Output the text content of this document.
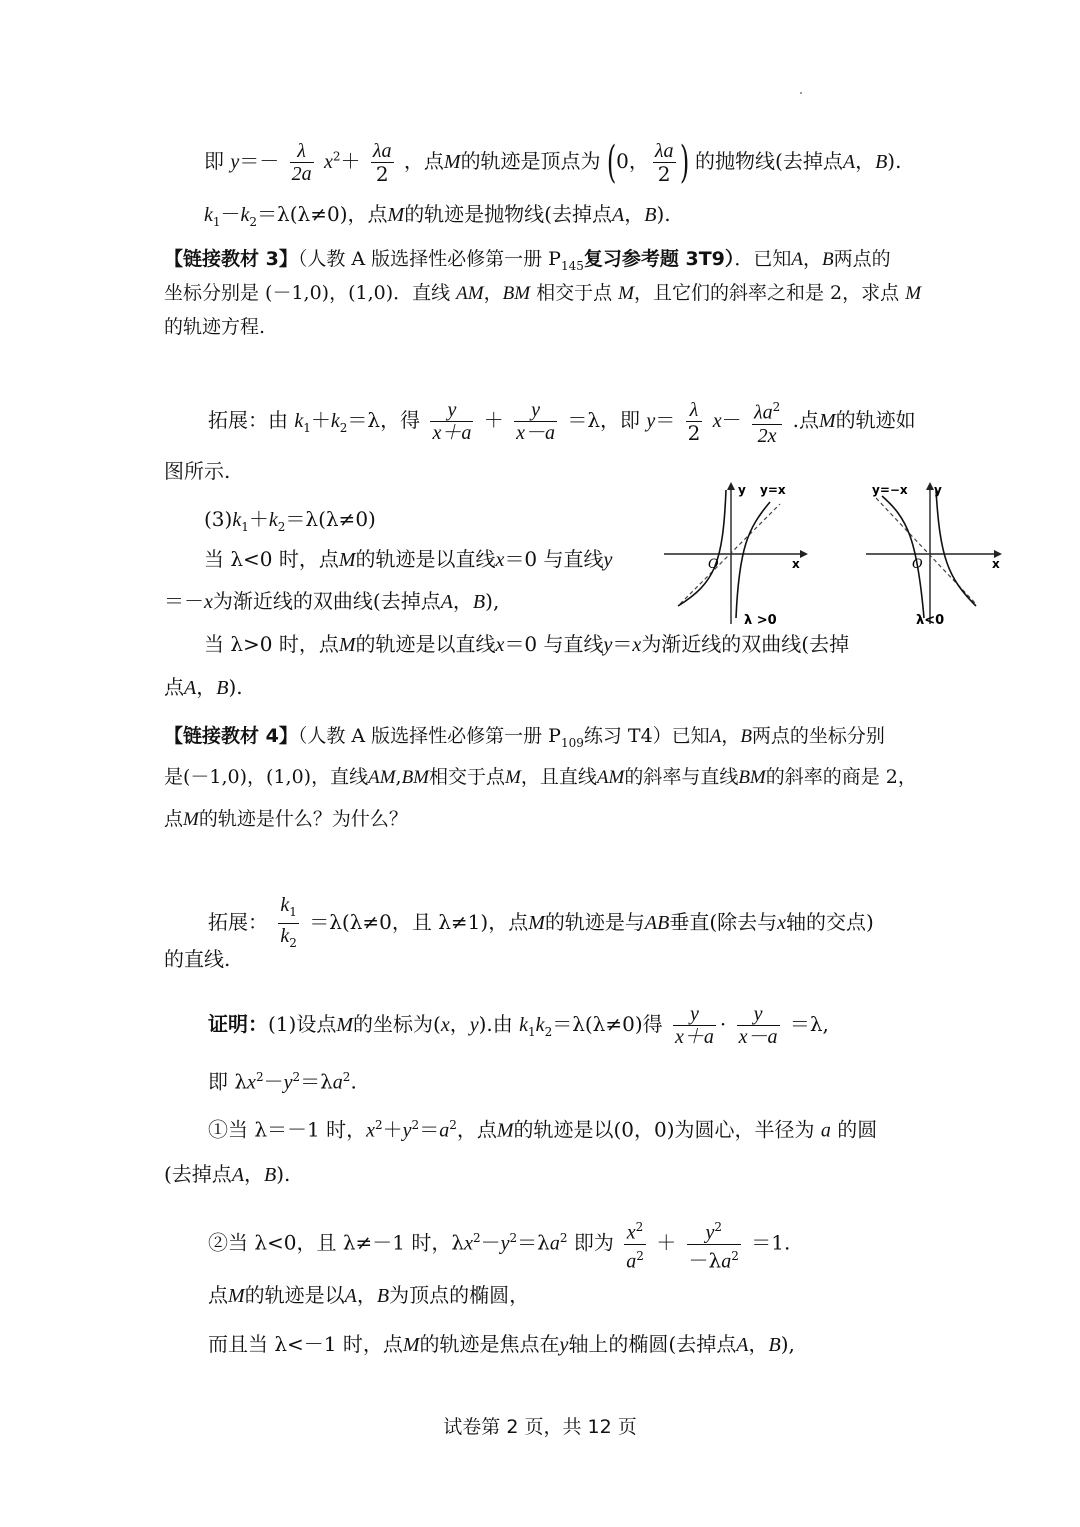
即 $y=- \frac{\lambda}{2a} x^2+ \frac{\lambda a}{2}$ ，点M的轨迹是顶点为 (0， $\frac{\lambda a}{2}$ ) 的抛物线(去掉点A，B).
$k_1-k_2=\lambda(\lambda\ne 0)$，点M的轨迹是抛物线(去掉点A，B).
【链接教材 3】（人教 A 版选择性必修第一册 $P_{145}$复习参考题 3T9）．已知A，B两点的
坐标分别是 (－1,0)，(1,0)．直线 AM，BM 相交于点 M，且它们的斜率之和是 2，求点 M
的轨迹方程.
拓展：由 $k_1+k_2=\lambda$，得 $\frac{y}{x+a} + \frac{y}{x-a} =\lambda$，即 $y= \frac{\lambda}{2} x- \frac{\lambda a^2}{2x}$ .点M的轨迹如
图所示.
$(3)k_1+k_2=\lambda(\lambda\ne 0)$
当 λ<0 时，点M的轨迹是以直线x＝0 与直线y
＝－x为渐近线的双曲线(去掉点A，B),
当 λ>0 时，点M的轨迹是以直线x＝0 与直线y＝x为渐近线的双曲线(去掉
点A，B).
y y=x
x
O
λ >0
y=−x y
x
O
λ<0
【链接教材 4】（人教 A 版选择性必修第一册 $P_{109}$练习 T4）已知A，B两点的坐标分别
是(－1,0)，(1,0)，直线AM,BM相交于点M，且直线AM的斜率与直线BM的斜率的商是 2，
点M的轨迹是什么？为什么？
拓展： $\frac{k_1}{k_2} =\lambda(\lambda\ne 0$，且 λ≠1)，点M的轨迹是与AB垂直(除去与x轴的交点)
的直线.
证明：(1)设点M的坐标为(x，y).由 $k_1k_2=\lambda(\lambda\ne 0)$得 $\frac{y}{x+a} \cdot \frac{y}{x-a} =\lambda$,
即 $\lambda x^2-y^2=\lambda a^2$.
①当 λ＝－1 时，$x^2+y^2=a^2$，点M的轨迹是以(0，0)为圆心，半径为 a 的圆
(去掉点A，B).
②当 λ<0，且 λ≠－1 时，$\lambda x^2-y^2=\lambda a^2$ 即为 $\frac{x^2}{a^2} + \frac{y^2}{-\lambda a^2} =1$.
点M的轨迹是以A，B为顶点的椭圆，
而且当 λ<－1 时，点M的轨迹是焦点在y轴上的椭圆(去掉点A，B),
试卷第 2 页，共 12 页
